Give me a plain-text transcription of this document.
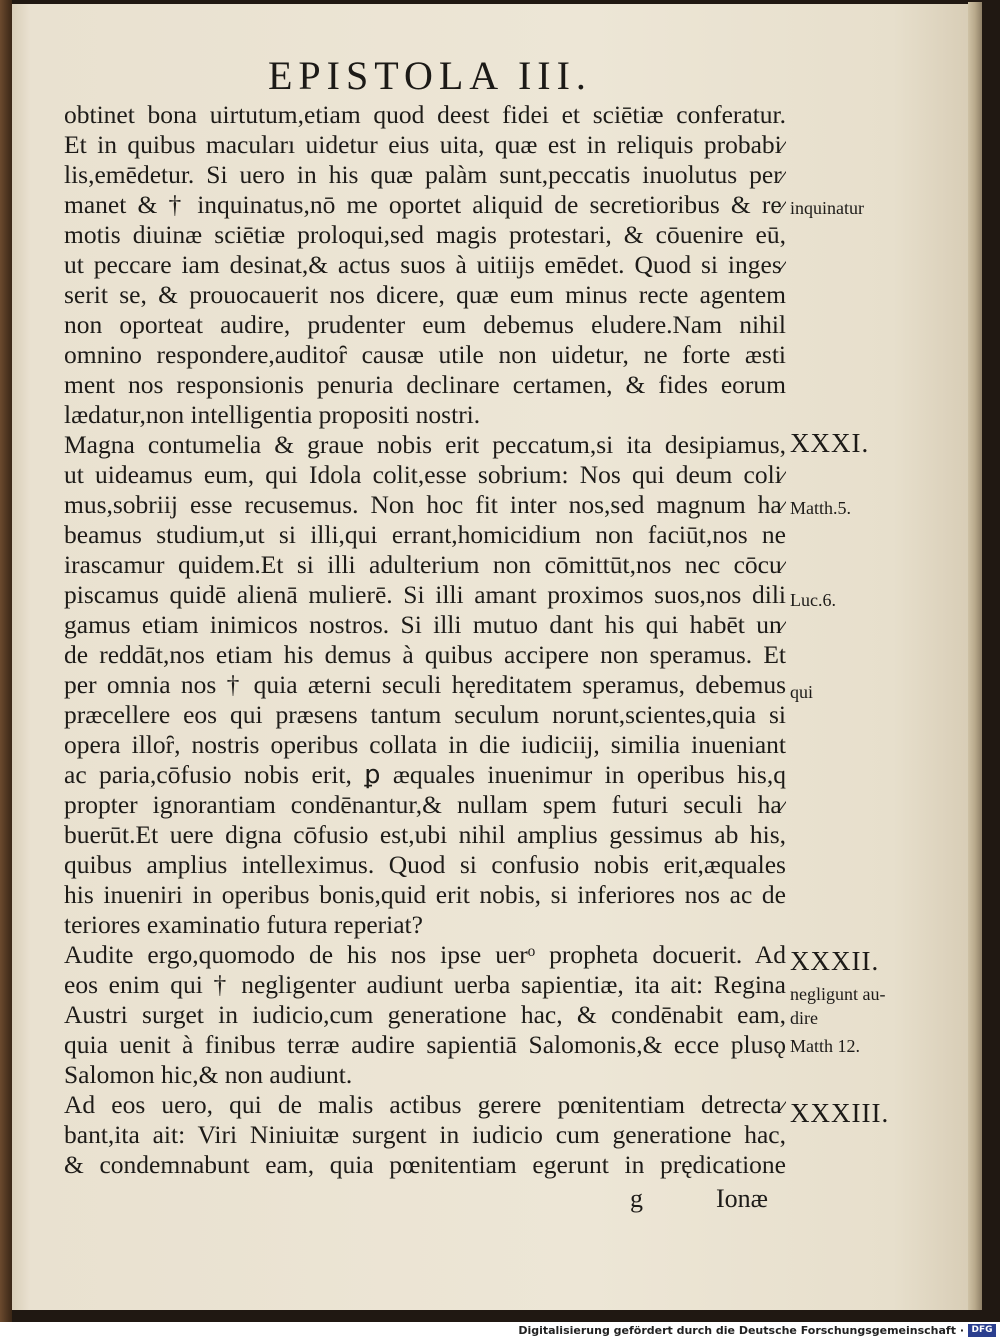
EPISTOLA III.
obtinet bona uirtutum,etiam quod deest fidei et sciētiæ conferatur.
Et in quibus macuları uidetur eius uita, quæ est in reliquis probabi⁄
lis,emēdetur. Si uero in his quæ palàm sunt,peccatis inuolutus per⁄
manet & † inquinatus,nō me oportet aliquid de secretioribus & re⁄
motis diuinæ sciētiæ proloqui,sed magis protestari, & cōuenire eū,
ut peccare iam desinat,& actus suos à uitiĳs emēdet. Quod si inges⁄
serit se, & prouocauerit nos dicere, quæ eum minus recte agentem
non oporteat audire, prudenter eum debemus eludere.Nam nihil
omnino respondere,auditoȓ causæ utile non uidetur, ne forte æsti
ment nos responsionis penuria declinare certamen, & fides eorum
lædatur,non intelligentia propositi nostri.
Magna contumelia & graue nobis erit peccatum,si ita desipiamus,
ut uideamus eum, qui Idola colit,esse sobrium: Nos qui deum coli⁄
mus,sobriĳ esse recusemus. Non hoc fit inter nos,sed magnum ha⁄
beamus studium,ut si illi,qui errant,homicidium non faciūt,nos ne
irascamur quidem.Et si illi adulterium non cōmittūt,nos nec cōcu⁄
piscamus quidē alienā mulierē. Si illi amant proximos suos,nos dili
gamus etiam inimicos nostros. Si illi mutuo dant his qui habēt un⁄
de reddāt,nos etiam his demus à quibus accipere non speramus. Et
per omnia nos † quia æterni seculi hęreditatem speramus, debemus
præcellere eos qui præsens tantum seculum norunt,scientes,quia si
opera illoȓ, nostris operibus collata in die iudiciĳ, similia inueniant
ac paria,cōfusio nobis erit, ꝑ æquales inuenimur in operibus his,q
propter ignorantiam condēnantur,& nullam spem futuri seculi ha⁄
buerūt.Et uere digna cōfusio est,ubi nihil amplius gessimus ab his,
quibus amplius intelleximus. Quod si confusio nobis erit,æquales
his inueniri in operibus bonis,quid erit nobis, si inferiores nos ac de
teriores examinatio futura reperiat?
Audite ergo,quomodo de his nos ipse uerᵒ propheta docuerit. Ad
eos enim qui † negligenter audiunt uerba sapientiæ, ita ait: Regina
Austri surget in iudicio,cum generatione hac, & condēnabit eam,
quia uenit à finibus terræ audire sapientiā Salomonis,& ecce plusǫ
Salomon hic,& non audiunt.
Ad eos uero, qui de malis actibus gerere pœnitentiam detrecta⁄
bant,ita ait: Viri Niniuitæ surgent in iudicio cum generatione hac,
& condemnabunt eam, quia pœnitentiam egerunt in prędicatione
g	Ionæ
inquinatur
XXXI.
Matth.5.
Luc.6.
qui
XXXII.
negligunt au-
dire
Matth 12.
XXXIII.
Digitalisierung gefördert durch die Deutsche Forschungsgemeinschaft · DFG
